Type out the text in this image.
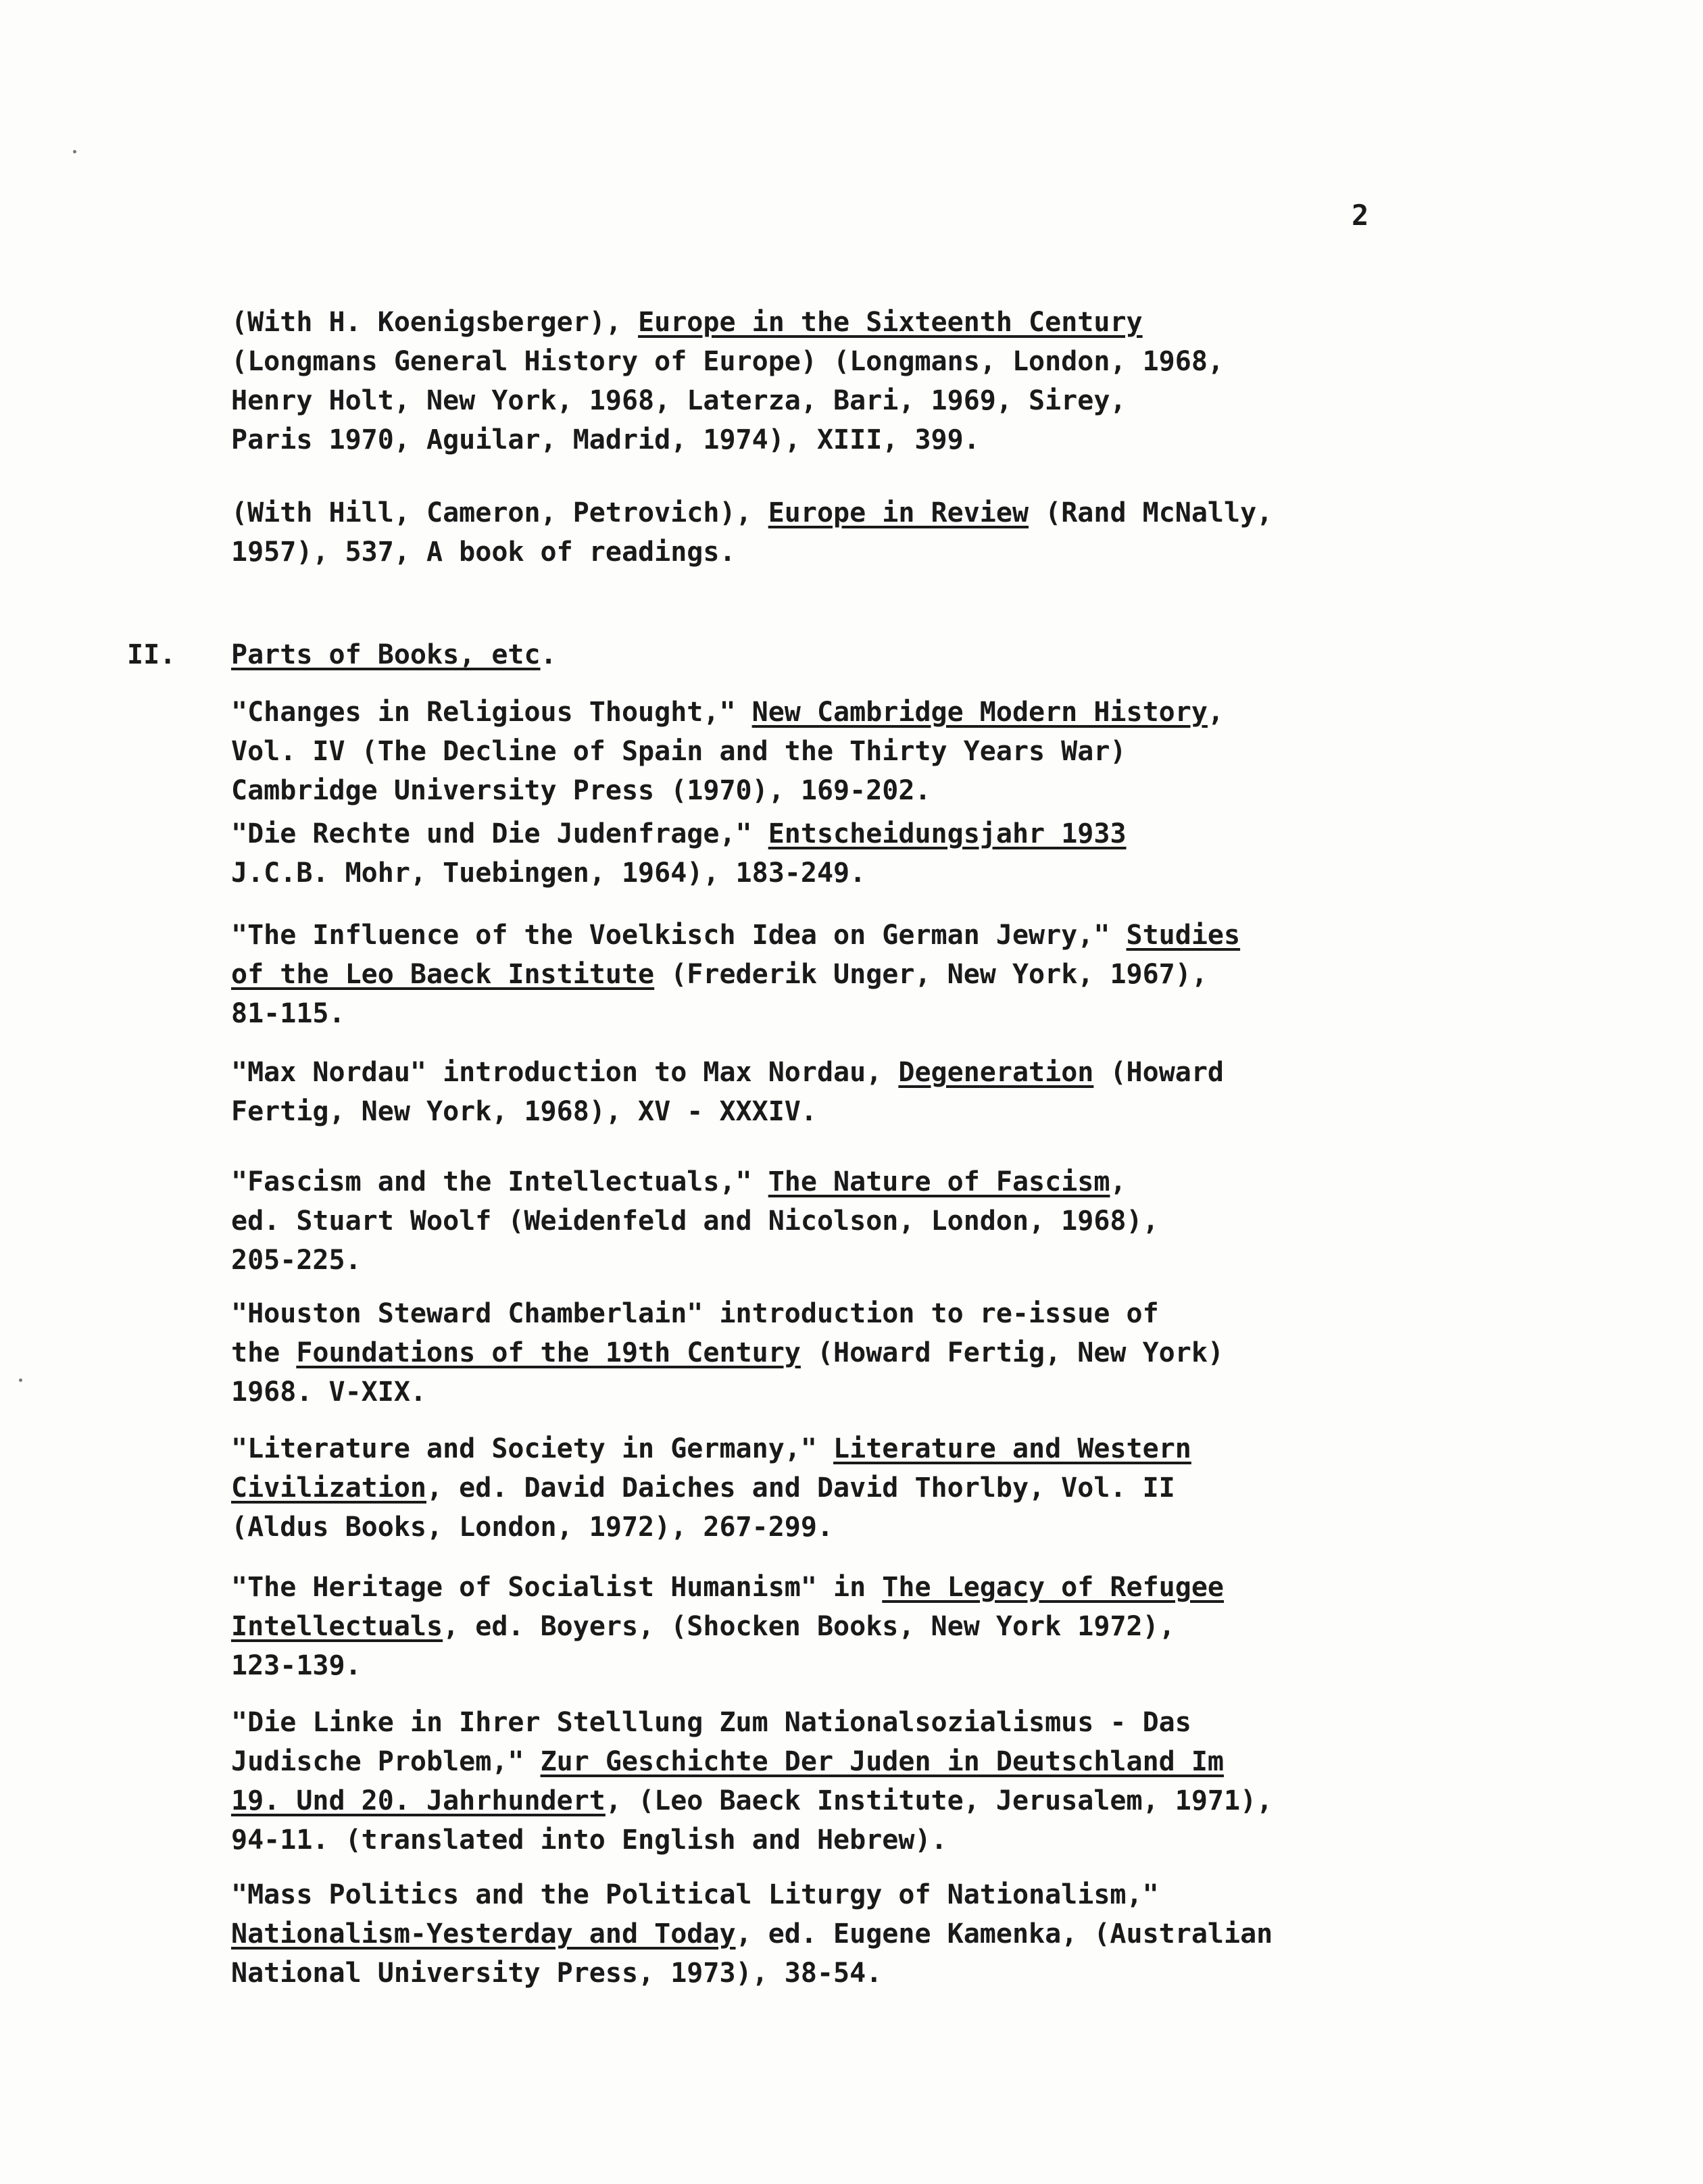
2

(With H. Koenigsberger), Europe in the Sixteenth Century
(Longmans General History of Europe) (Longmans, London, 1968,
Henry Holt, New York, 1968, Laterza, Bari, 1969, Sirey,
Paris 1970, Aguilar, Madrid, 1974), XIII, 399.

(With Hill, Cameron, Petrovich), Europe in Review (Rand McNally,
1957), 537, A book of readings.

II. Parts of Books, etc.

"Changes in Religious Thought," New Cambridge Modern History,
Vol. IV (The Decline of Spain and the Thirty Years War)
Cambridge University Press (1970), 169-202.

"Die Rechte und Die Judenfrage," Entscheidungsjahr 1933
J.C.B. Mohr, Tuebingen, 1964), 183-249.

"The Influence of the Voelkisch Idea on German Jewry," Studies
of the Leo Baeck Institute (Frederik Unger, New York, 1967),
81-115.

"Max Nordau" introduction to Max Nordau, Degeneration (Howard
Fertig, New York, 1968), XV - XXXIV.

"Fascism and the Intellectuals," The Nature of Fascism,
ed. Stuart Woolf (Weidenfeld and Nicolson, London, 1968),
205-225.

"Houston Steward Chamberlain" introduction to re-issue of
the Foundations of the 19th Century (Howard Fertig, New York)
1968. V-XIX.

"Literature and Society in Germany," Literature and Western
Civilization, ed. David Daiches and David Thorlby, Vol. II
(Aldus Books, London, 1972), 267-299.

"The Heritage of Socialist Humanism" in The Legacy of Refugee
Intellectuals, ed. Boyers, (Shocken Books, New York 1972),
123-139.

"Die Linke in Ihrer Stelllung Zum Nationalsozialismus - Das
Judische Problem," Zur Geschichte Der Juden in Deutschland Im
19. Und 20. Jahrhundert, (Leo Baeck Institute, Jerusalem, 1971),
94-11. (translated into English and Hebrew).

"Mass Politics and the Political Liturgy of Nationalism,"
Nationalism-Yesterday and Today, ed. Eugene Kamenka, (Australian
National University Press, 1973), 38-54.
